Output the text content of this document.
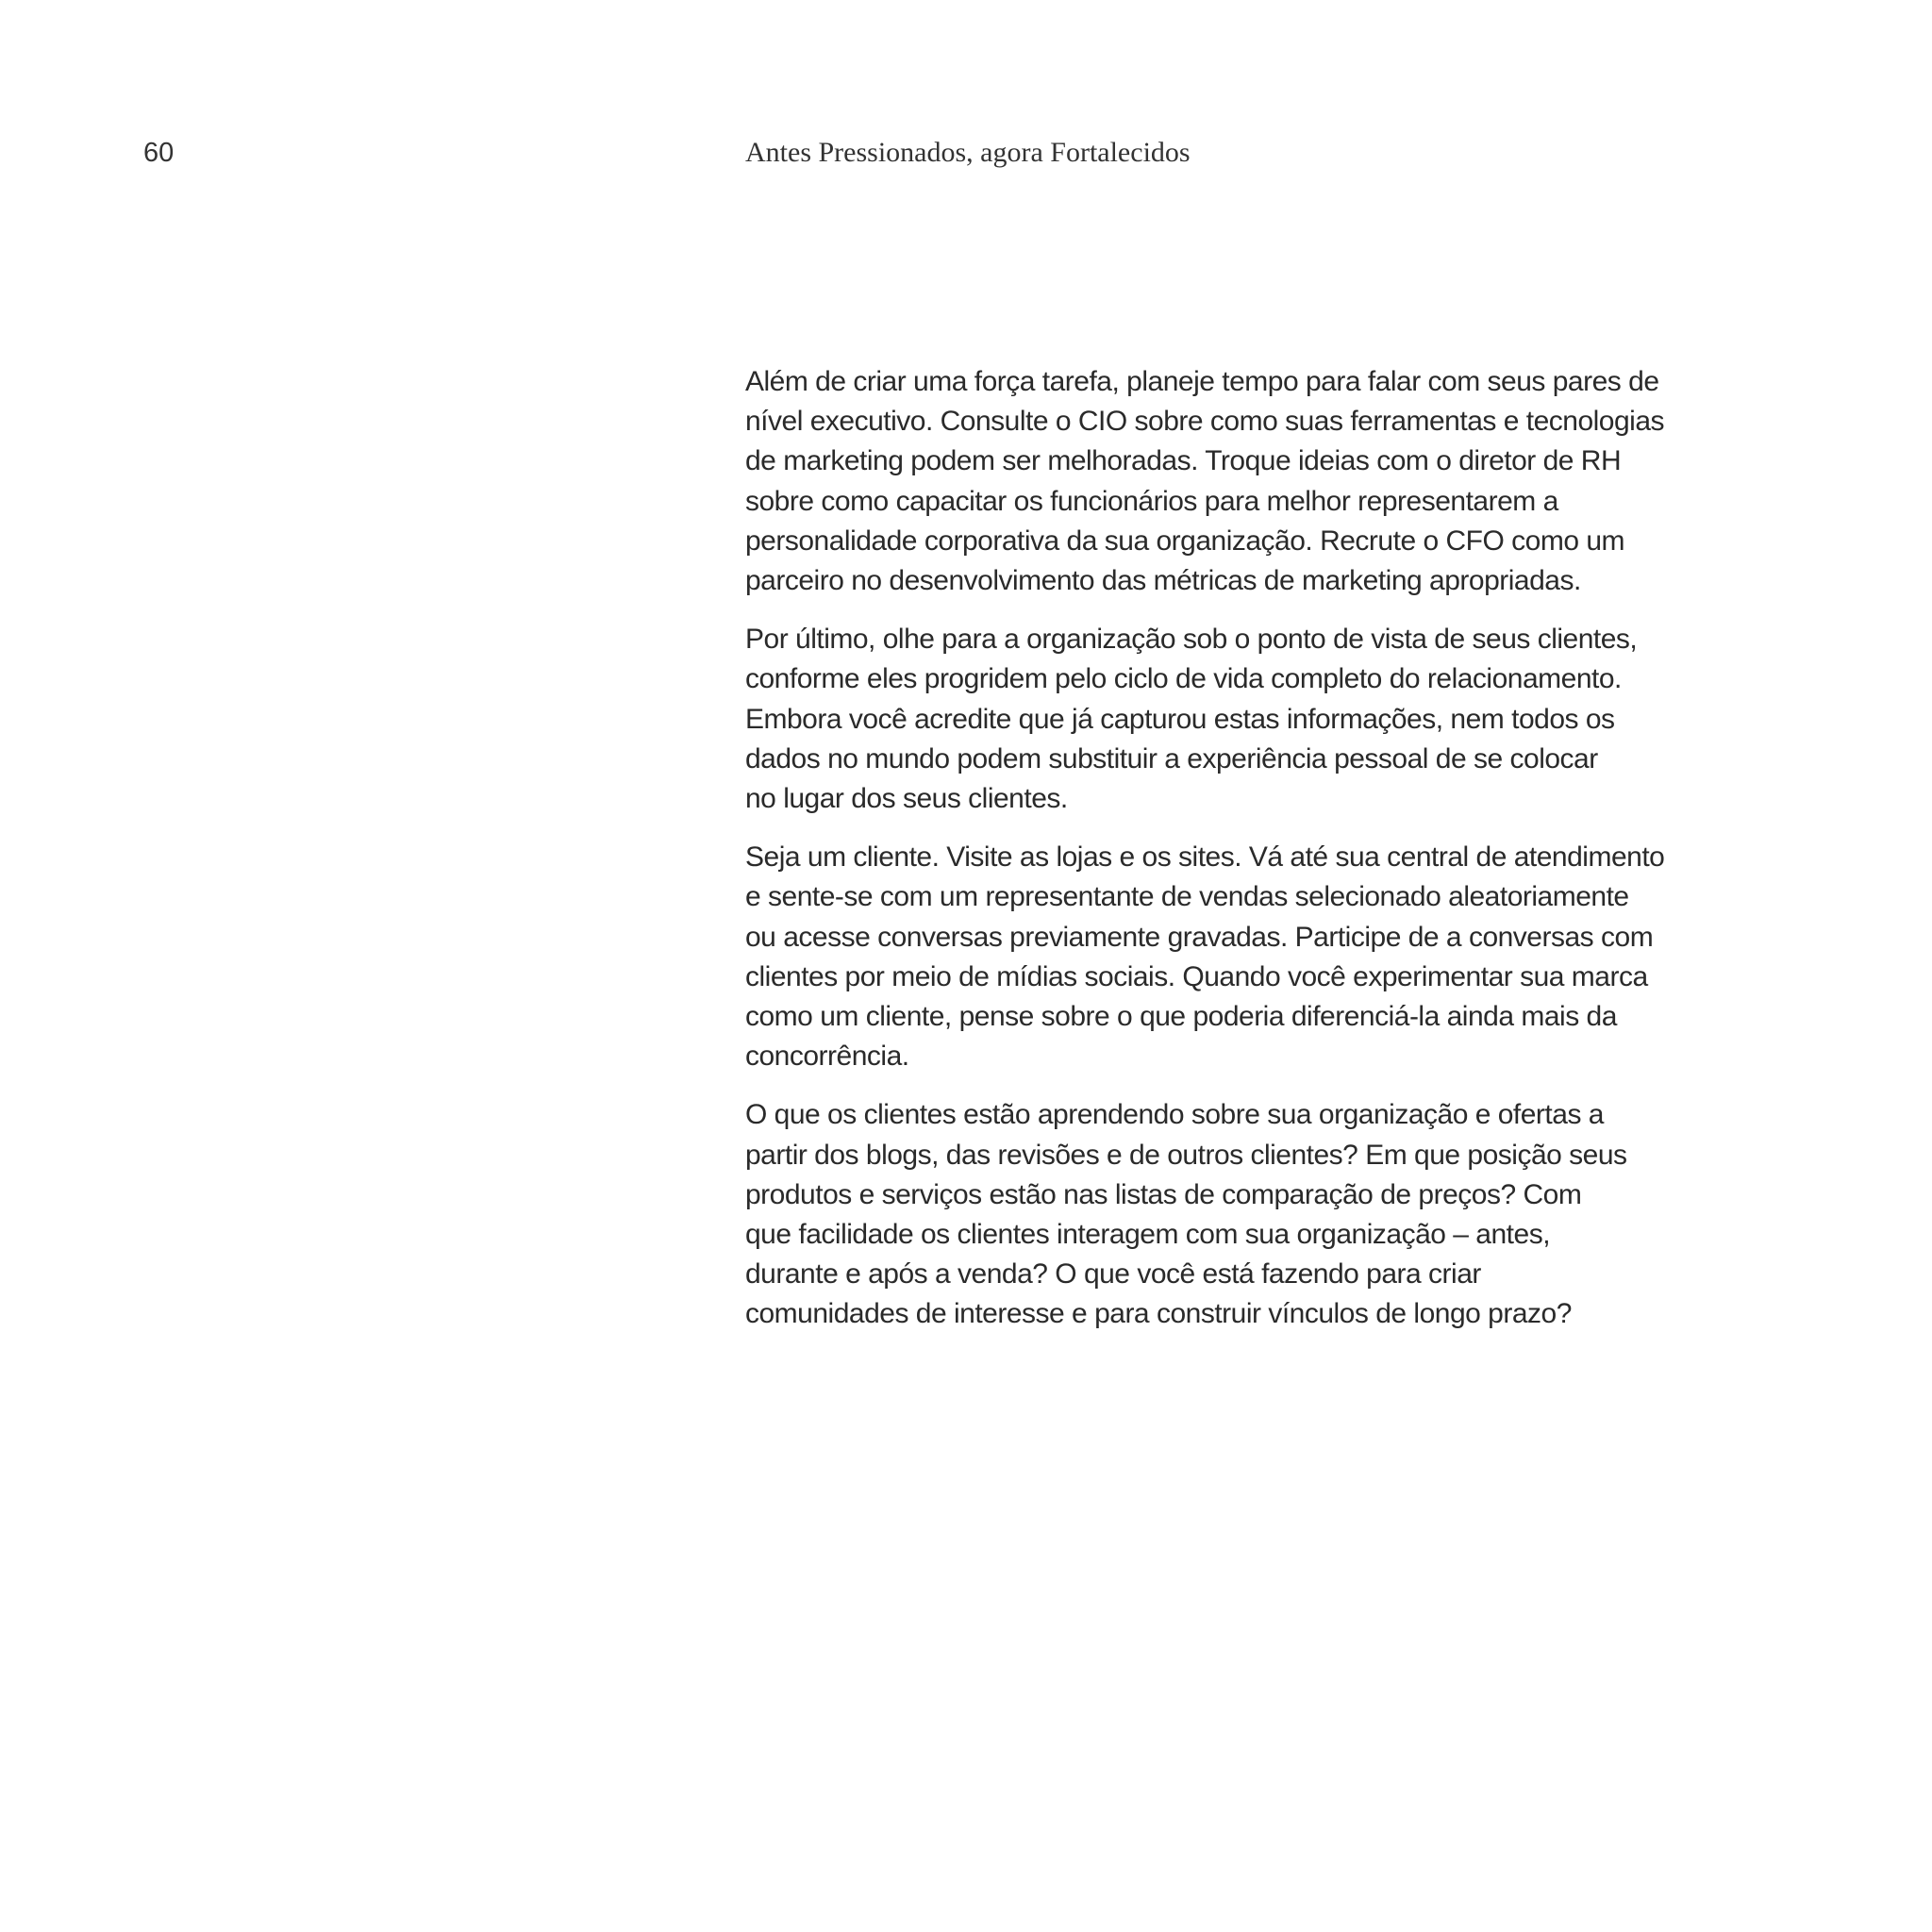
60	Antes Pressionados, agora Fortalecidos

Além de criar uma força tarefa, planeje tempo para falar com seus pares de
nível executivo. Consulte o CIO sobre como suas ferramentas e tecnologias
de marketing podem ser melhoradas. Troque ideias com o diretor de RH
sobre como capacitar os funcionários para melhor representarem a
personalidade corporativa da sua organização. Recrute o CFO como um
parceiro no desenvolvimento das métricas de marketing apropriadas.

Por último, olhe para a organização sob o ponto de vista de seus clientes,
conforme eles progridem pelo ciclo de vida completo do relacionamento.
Embora você acredite que já capturou estas informações, nem todos os
dados no mundo podem substituir a experiência pessoal de se colocar
no lugar dos seus clientes.

Seja um cliente. Visite as lojas e os sites. Vá até sua central de atendimento
e sente-se com um representante de vendas selecionado aleatoriamente
ou acesse conversas previamente gravadas. Participe de a conversas com
clientes por meio de mídias sociais. Quando você experimentar sua marca
como um cliente, pense sobre o que poderia diferenciá-la ainda mais da
concorrência.

O que os clientes estão aprendendo sobre sua organização e ofertas a
partir dos blogs, das revisões e de outros clientes? Em que posição seus
produtos e serviços estão nas listas de comparação de preços? Com
que facilidade os clientes interagem com sua organização – antes,
durante e após a venda? O que você está fazendo para criar
comunidades de interesse e para construir vínculos de longo prazo?
